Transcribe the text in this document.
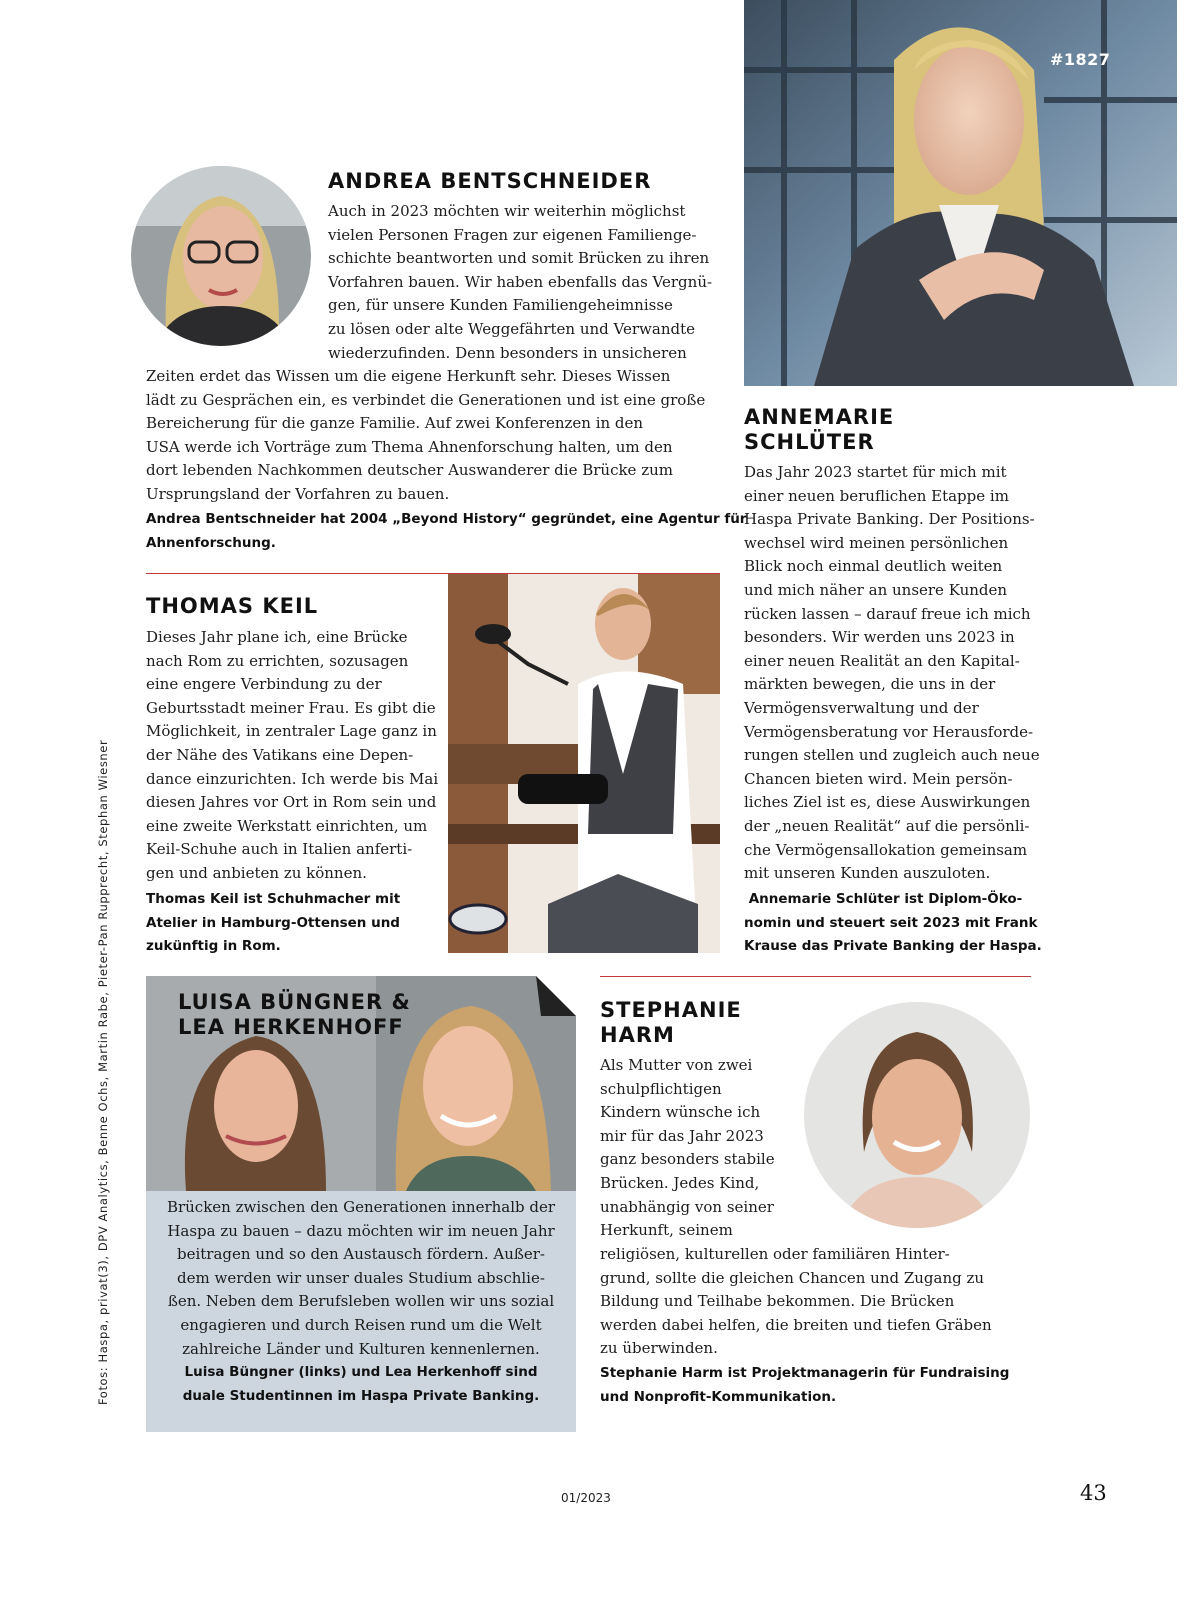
#1827
ANDREA BENTSCHNEIDER
Auch in 2023 möchten wir weiterhin möglichst
vielen Personen Fragen zur eigenen Familienge-
schichte beantworten und somit Brücken zu ihren
Vorfahren bauen. Wir haben ebenfalls das Vergnü-
gen, für unsere Kunden Familiengeheimnisse
zu lösen oder alte Weggefährten und Verwandte
wiederzufinden. Denn besonders in unsicheren
Zeiten erdet das Wissen um die eigene Herkunft sehr. Dieses Wissen
lädt zu Gesprächen ein, es verbindet die Generationen und ist eine große
Bereicherung für die ganze Familie. Auf zwei Konferenzen in den
USA werde ich Vorträge zum Thema Ahnenforschung halten, um den
dort lebenden Nachkommen deutscher Auswanderer die Brücke zum
Ursprungsland der Vorfahren zu bauen.
Andrea Bentschneider hat 2004 „Beyond History“ gegründet, eine Agentur für
Ahnenforschung.
THOMAS KEIL
Dieses Jahr plane ich, eine Brücke
nach Rom zu errichten, sozusagen
eine engere Verbindung zu der
Geburtsstadt meiner Frau. Es gibt die
Möglichkeit, in zentraler Lage ganz in
der Nähe des Vatikans eine Depen-
dance einzurichten. Ich werde bis Mai
diesen Jahres vor Ort in Rom sein und
eine zweite Werkstatt einrichten, um
Keil-Schuhe auch in Italien anferti-
gen und anbieten zu können.
Thomas Keil ist Schuhmacher mit
Atelier in Hamburg-Ottensen und
zukünftig in Rom.
ANNEMARIE
SCHLÜTER
Das Jahr 2023 startet für mich mit
einer neuen beruflichen Etappe im
Haspa Private Banking. Der Positions-
wechsel wird meinen persönlichen
Blick noch einmal deutlich weiten
und mich näher an unsere Kunden
rücken lassen – darauf freue ich mich
besonders. Wir werden uns 2023 in
einer neuen Realität an den Kapital-
märkten bewegen, die uns in der
Vermögensverwaltung und der
Vermögensberatung vor Herausforde-
rungen stellen und zugleich auch neue
Chancen bieten wird. Mein persön-
liches Ziel ist es, diese Auswirkungen
der „neuen Realität“ auf die persönli-
che Vermögensallokation gemeinsam
mit unseren Kunden auszuloten.
Annemarie Schlüter ist Diplom-Öko-
nomin und steuert seit 2023 mit Frank
Krause das Private Banking der Haspa.
LUISA BÜNGNER &
LEA HERKENHOFF
Brücken zwischen den Generationen innerhalb der
Haspa zu bauen – dazu möchten wir im neuen Jahr
beitragen und so den Austausch fördern. Außer-
dem werden wir unser duales Studium abschlie-
ßen. Neben dem Berufsleben wollen wir uns sozial
engagieren und durch Reisen rund um die Welt
zahlreiche Länder und Kulturen kennenlernen.
Luisa Büngner (links) und Lea Herkenhoff sind
duale Studentinnen im Haspa Private Banking.
STEPHANIE
HARM
Als Mutter von zwei
schulpflichtigen
Kindern wünsche ich
mir für das Jahr 2023
ganz besonders stabile
Brücken. Jedes Kind,
unabhängig von seiner
Herkunft, seinem
religiösen, kulturellen oder familiären Hinter-
grund, sollte die gleichen Chancen und Zugang zu
Bildung und Teilhabe bekommen. Die Brücken
werden dabei helfen, die breiten und tiefen Gräben
zu überwinden.
Stephanie Harm ist Projektmanagerin für Fundraising
und Nonprofit-Kommunikation.
Fotos: Haspa, privat(3), DPV Analytics, Benne Ochs, Martin Rabe, Pieter-Pan Rupprecht, Stephan Wiesner
01/2023	43
